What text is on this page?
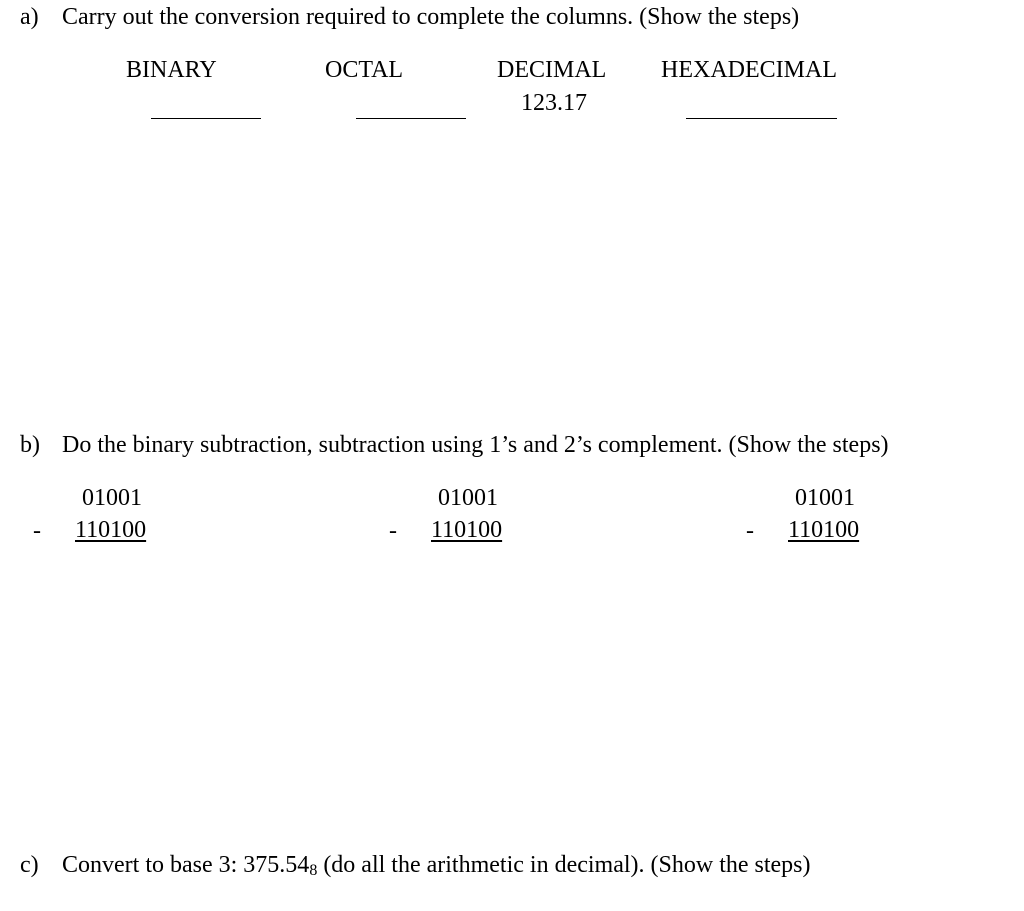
a) Carry out the conversion required to complete the columns. (Show the steps)
BINARY	OCTAL	DECIMAL HEXADECIMAL
123.17
b) Do the binary subtraction, subtraction using 1’s and 2’s complement. (Show the steps)
01001
- 110100
01001
- 110100
01001
- 110100
c) Convert to base 3: $375.54_8$ (do all the arithmetic in decimal). (Show the steps)
